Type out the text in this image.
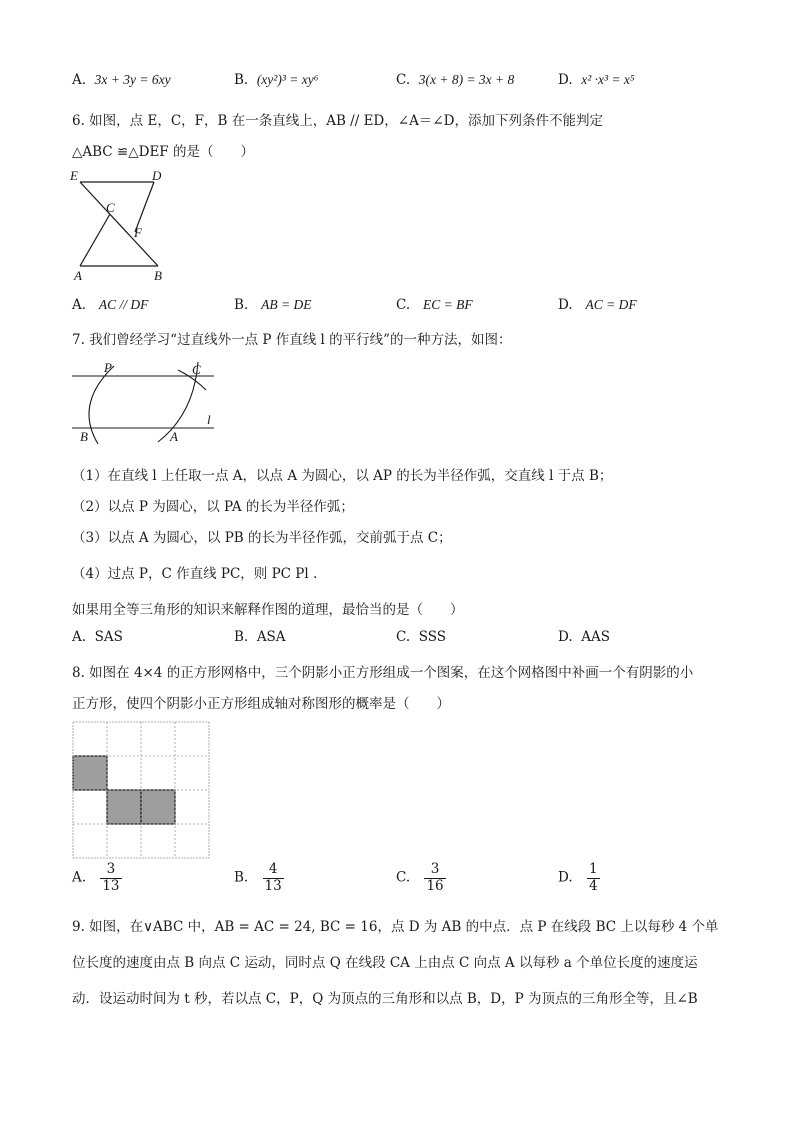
A. 3x + 3y = 6xy	B. (xy²)³ = xy⁶	C. 3(x + 8) = 3x + 8	D. x² ·x³ = x⁵
6. 如图，点 E，C，F，B 在一条直线上，AB // ED，∠A＝∠D，添加下列条件不能判定
△ABC ≌△DEF 的是（　　）
E	D
C
F
A	B
A. AC // DF	B. AB = DE	C. EC = BF	D. AC = DF
7. 我们曾经学习“过直线外一点 P 作直线 l 的平行线”的一种方法，如图：
P	C
l
B	A
（1）在直线 l 上任取一点 A，以点 A 为圆心，以 AP 的长为半径作弧，交直线 l 于点 B；
（2）以点 P 为圆心，以 PA 的长为半径作弧；
（3）以点 A 为圆心，以 PB 的长为半径作弧，交前弧于点 C；
（4）过点 P，C 作直线 PC，则 PC Pl .
如果用全等三角形的知识来解释作图的道理，最恰当的是（　　）
A. SAS	B. ASA	C. SSS	D. AAS
8. 如图在 4×4 的正方形网格中，三个阴影小正方形组成一个图案，在这个网格图中补画一个有阴影的小
正方形，使四个阴影小正方形组成轴对称图形的概率是（　　）
A. $\frac{3}{13}$	B. $\frac{4}{13}$	C. $\frac{3}{16}$	D. $\frac{1}{4}$
9. 如图，在∨ABC 中，AB = AC = 24, BC = 16，点 D 为 AB 的中点．点 P 在线段 BC 上以每秒 4 个单
位长度的速度由点 B 向点 C 运动，同时点 Q 在线段 CA 上由点 C 向点 A 以每秒 a 个单位长度的速度运
动．设运动时间为 t 秒，若以点 C，P，Q 为顶点的三角形和以点 B，D，P 为顶点的三角形全等，且∠B
